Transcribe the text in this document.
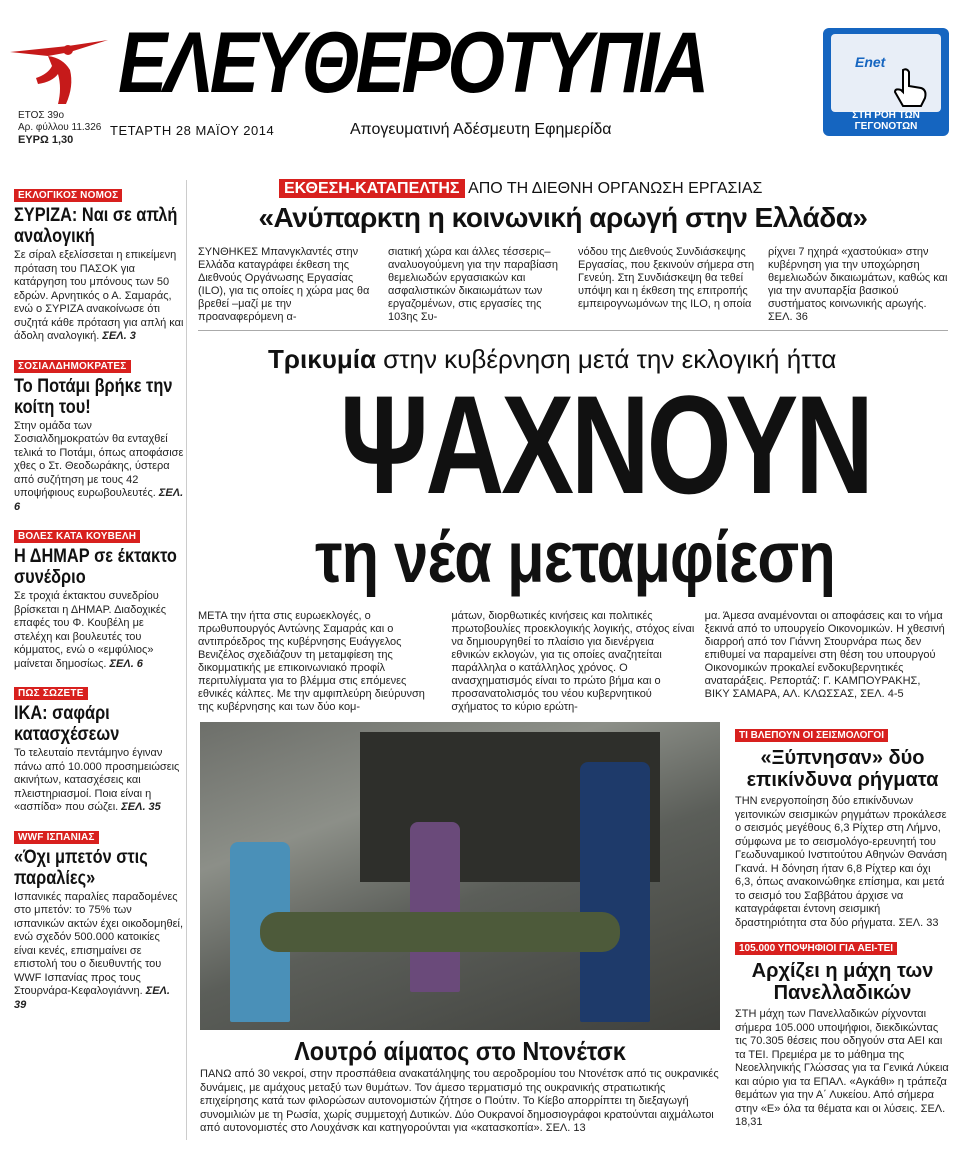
ΕΛΕΥΘΕΡΟΤΥΠΙΑ
ΕΤΟΣ 39ο
Αρ. φύλλου 11.326
ΕΥΡΩ 1,30
ΤΕΤΑΡΤΗ 28 ΜΑΪΟΥ 2014	Απογευματινή Αδέσμευτη Εφημερίδα
Enet
ΣΤΗ ΡΟΗ ΤΩΝ ΓΕΓΟΝΟΤΩΝ
ΕΚΛΟΓΙΚΟΣ ΝΟΜΟΣ
ΣΥΡΙΖΑ: Ναι σε απλή αναλογική
Σε σίραλ εξελίσσεται η επικείμενη πρόταση του ΠΑΣΟΚ για κατάργηση του μπόνους των 50 εδρών. Αρνητικός ο Α. Σαμαράς, ενώ ο ΣΥΡΙΖΑ ανακοίνωσε ότι συζητά κάθε πρόταση για απλή και άδολη αναλογική. ΣΕΛ. 3
ΣΟΣΙΑΛΔΗΜΟΚΡΑΤΕΣ
Το Ποτάμι βρήκε την κοίτη του!
Στην ομάδα των Σοσιαλδημοκρατών θα ενταχθεί τελικά το Ποτάμι, όπως αποφάσισε χθες ο Στ. Θεοδωράκης, ύστερα από συζήτηση με τους 42 υποψήφιους ευρωβουλευτές. ΣΕΛ. 6
ΒΟΛΕΣ ΚΑΤΑ ΚΟΥΒΕΛΗ
Η ΔΗΜΑΡ σε έκτακτο συνέδριο
Σε τροχιά έκτακτου συνεδρίου βρίσκεται η ΔΗΜΑΡ. Διαδοχικές επαφές του Φ. Κουβέλη με στελέχη και βουλευτές του κόμματος, ενώ ο «εμφύλιος» μαίνεται δημοσίως. ΣΕΛ. 6
ΠΩΣ ΣΩΖΕΤΕ
ΙΚΑ: σαφάρι κατασχέσεων
Το τελευταίο πεντάμηνο έγιναν πάνω από 10.000 προσημειώσεις ακινήτων, κατασχέσεις και πλειστηριασμοί. Ποια είναι η «ασπίδα» που σώζει. ΣΕΛ. 35
WWF ΙΣΠΑΝΙΑΣ
«Όχι μπετόν στις παραλίες»
Ισπανικές παραλίες παραδομένες στο μπετόν: το 75% των ισπανικών ακτών έχει οικοδομηθεί, ενώ σχεδόν 500.000 κατοικίες είναι κενές, επισημαίνει σε επιστολή του ο διευθυντής του WWF Ισπανίας προς τους Στουρνάρα-Κεφαλογιάννη. ΣΕΛ. 39
ΕΚΘΕΣΗ-ΚΑΤΑΠΕΛΤΗΣ ΑΠΟ ΤΗ ΔΙΕΘΝΗ ΟΡΓΑΝΩΣΗ ΕΡΓΑΣΙΑΣ
«Ανύπαρκτη η κοινωνική αρωγή στην Ελλάδα»
ΣΥΝΘΗΚΕΣ Μπανγκλαντές στην Ελλάδα καταγράφει έκθεση της Διεθνούς Οργάνωσης Εργασίας (ILO), για τις οποίες η χώρα μας θα βρεθεί –μαζί με την προαναφερόμενη α-
σιατική χώρα και άλλες τέσσερις– αναλυογούμενη για την παραβίαση θεμελιωδών εργασιακών και ασφαλιστικών δικαιωμάτων των εργαζομένων, στις εργασίες της 103ης Συ-
νόδου της Διεθνούς Συνδιάσκεψης Εργασίας, που ξεκινούν σήμερα στη Γενεύη. Στη Συνδιάσκεψη θα τεθεί υπόψη και η έκθεση της επιτροπής εμπειρογνωμόνων της ILO, η οποία
ρίχνει 7 ηχηρά «χαστούκια» στην κυβέρνηση για την υποχώρηση θεμελιωδών δικαιωμάτων, καθώς και για την ανυπαρξία βασικού συστήματος κοινωνικής αρωγής. ΣΕΛ. 36
Τρικυμία στην κυβέρνηση μετά την εκλογική ήττα
ΨΑΧΝΟΥΝ
τη νέα μεταμφίεση
ΜΕΤΑ την ήττα στις ευρωεκλογές, ο πρωθυπουργός Αντώνης Σαμαράς και ο αντιπρόεδρος της κυβέρνησης Ευάγγελος Βενιζέλος σχεδιάζουν τη μεταμφίεση της δικομματικής με επικοινωνιακό προφίλ περιτυλίγματα για το βλέμμα στις επόμενες εθνικές κάλπες. Με την αμφιπλεύρη διεύρυνση της κυβέρνησης και των δύο κομ-
μάτων, διορθωτικές κινήσεις και πολιτικές πρωτοβουλίες προεκλογικής λογικής, στόχος είναι να δημιουργηθεί το πλαίσιο για διενέργεια εθνικών εκλογών, για τις οποίες αναζητείται παράλληλα ο κατάλληλος χρόνος. Ο ανασχηματισμός είναι το πρώτο βήμα και ο προσανατολισμός του νέου κυβερνητικού σχήματος το κύριο ερώτη-
μα. Άμεσα αναμένονται οι αποφάσεις και το νήμα ξεκινά από το υπουργείο Οικονομικών. Η χθεσινή διαρροή από τον Γιάννη Στουρνάρα πως δεν επιθυμεί να παραμείνει στη θέση του υπουργού Οικονομικών προκαλεί ενδοκυβερνητικές αναταράξεις. Ρεπορτάζ: Γ. ΚΑΜΠΟΥΡΑΚΗΣ, ΒΙΚΥ ΣΑΜΑΡΑ, ΑΛ. ΚΛΩΣΣΑΣ, ΣΕΛ. 4-5
Λουτρό αίματος στο Ντονέτσκ
ΠΑΝΩ από 30 νεκροί, στην προσπάθεια ανακατάληψης του αεροδρομίου του Ντονέτσκ από τις ουκρανικές δυνάμεις, με αμάχους μεταξύ των θυμάτων. Τον άμεσο τερματισμό της ουκρανικής στρατιωτικής επιχείρησης κατά των φιλορώσων αυτονομιστών ζήτησε ο Πούτιν. Το Κίεβο απορρίπτει τη διεξαγωγή συνομιλιών με τη Ρωσία, χωρίς συμμετοχή Δυτικών. Δύο Ουκρανοί δημοσιογράφοι κρατούνται αιχμάλωτοι από αυτονομιστές στο Λουχάνσκ και κατηγορούνται για «κατασκοπία». ΣΕΛ. 13
ΤΙ ΒΛΕΠΟΥΝ ΟΙ ΣΕΙΣΜΟΛΟΓΟΙ
«Ξύπνησαν» δύο επικίνδυνα ρήγματα
ΤΗΝ ενεργοποίηση δύο επικίνδυνων γειτονικών σεισμικών ρηγμάτων προκάλεσε ο σεισμός μεγέθους 6,3 Ρίχτερ στη Λήμνο, σύμφωνα με το σεισμολόγο-ερευνητή του Γεωδυναμικού Ινστιτούτου Αθηνών Θανάση Γκανά. Η δόνηση ήταν 6,8 Ρίχτερ και όχι 6,3, όπως ανακοινώθηκε επίσημα, και μετά το σεισμό του Σαββάτου άρχισε να καταγράφεται έντονη σεισμική δραστηριότητα στα δύο ρήγματα. ΣΕΛ. 33
105.000 ΥΠΟΨΗΦΙΟΙ ΓΙΑ ΑΕΙ-ΤΕΙ
Αρχίζει η μάχη των Πανελλαδικών
ΣΤΗ μάχη των Πανελλαδικών ρίχνονται σήμερα 105.000 υποψήφιοι, διεκδικώντας τις 70.305 θέσεις που οδηγούν στα ΑΕΙ και τα ΤΕΙ. Πρεμιέρα με το μάθημα της Νεοελληνικής Γλώσσας για τα Γενικά Λύκεια και αύριο για τα ΕΠΑΛ. «Αγκάθι» η τράπεζα θεμάτων για την Α΄ Λυκείου. Από σήμερα στην «Ε» όλα τα θέματα και οι λύσεις. ΣΕΛ. 18,31
